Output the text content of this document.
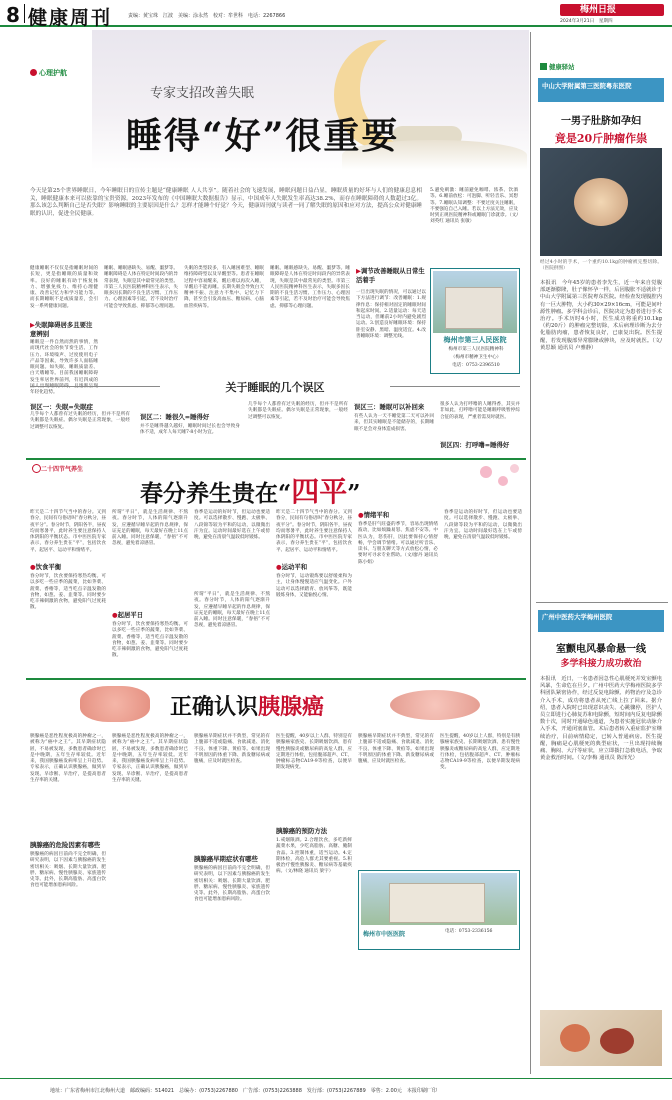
8 健康周刊	责编：黄宝珠　江波　美编：涂永然　校对：牟世科　电话：2267866
梅州日报
2024年3月21日　星期四
心理护航
专家支招改善失眠
睡得“好”很重要
今天是第25个世界睡眠日，今年睡眠日的宣传主题是“健康睡眠 人人共享”。随着社会的飞速发展，睡眠问题日益凸显，睡眠质量的好坏与人们的健康息息相关，睡眠健康本来可以依靠的宝贵资源。2023年发布的《中国睡眠大数据报告》显示，中国成年人失眠发生率高达38.2%，而存在睡眠障碍的人数超过3亿。那么该怎么判断自己是否失眠？影响睡眠的主要原因是什么？怎样才能睡个好觉？今天，健康周刊就与读者一同了解失眠的原因和应对方法，提高公众对健康睡眠的认识，促进全民健康。
健康睡眠不仅仅是指睡眠时间的长短，更是指睡眠的质量和效率。良好的睡眠有助于恢复体力、增强免疫力、维持心理健康、改善记忆力和学习能力等。而长期睡眠不足或质量差，会引发一系列健康问题。
▶失眠障碍居多且要注意辨别
睡眠是一件自然而然的事情，然而现代社会的快节奏生活、工作压力、环境噪声、过度使用电子产品等因素，导致许多人面临睡眠问题。如失眠、睡眠质量差、白天嗜睡等。目前我国睡眠障碍发生率居世界前列，有近四成的国人出现睡眠障碍，且逐渐呈现年轻化趋势。
睡眠、睡眠感缺失、易醒、噩梦等。睡眠障碍是人体在特定时间段内的异常表现，失眠是其中最常见的类型。市第三人民医院精神科医生表示，失眠多因长期的不良生活习惯、工作压力、心理因素等引起，若不及时治疗可能会导致焦虑、抑郁等心理问题。
失眠的类型较多，有入睡困难型、睡眠维持障碍型以及早醒型等。患者在睡眠过程中容易醒来，醒后难以再次入睡，早醒后不能再睡。长期失眠会导致白天精神不振、注意力不集中、记忆力下降，甚至会引发高血压、糖尿病、心脑血管疾病等。
睡眠、睡眠感缺失、易醒、噩梦等。睡眠障碍是人体在特定时间段内的异常表现，失眠是其中最常见的类型。市第三人民医院精神科医生表示，失眠多因长期的不良生活习惯、工作压力、心理因素等引起，若不及时治疗可能会导致焦虑、抑郁等心理问题。
▶调节改善睡眠从日常生活着手
一旦出现失眠的情况，可以通过以下方法进行调节：改善睡眠：1.规律作息：保持相对固定的睡眠时间和起床时间。2.适量运动：每天适当运动，但睡前2小时内避免剧烈运动。3.创造良好睡眠环境：保持卧室安静、黑暗、温度适宜。4.改善睡眠环境：调整光线。
5.避免刺激：睡前避免咖啡、浓茶、饮酒等。6.睡前放松：可泡脚、听轻音乐、冥想等。7.睡眠认知调整：不要过度关注睡眠，不要强迫自己入睡。若以上方法无效，应及时到正规医院精神科或睡眠门诊就诊。（文/刘英红 通讯员 张敏）
梅州市第三人民医院
梅州市第三人民医院精神科
（梅州市精神卫生中心）
电话：0753-2396510
关于睡眠的几个误区
误区一：失眠=失眠症
几乎每个人都曾有过失眠的经历，但并不是所有失眠都是失眠症。偶尔失眠是正常现象，一般经过调整可以恢复。
误区二：睡很久=睡得好
并不是睡得越久越好，睡眠时间过长也会导致身体不适，成年人每天睡7-8小时为宜。
几乎每个人都曾有过失眠的经历，但并不是所有失眠都是失眠症。偶尔失眠是正常现象，一般经过调整可以恢复。
误区三：睡眠可以补回来
有些人认为一天不睡觉第二天可以补回来，但其实睡眠是不能储存的，长期睡眠不足会对身体造成损害。
很多人认为打呼噜的人睡得香，其实并非如此，打呼噜可能是睡眠呼吸暂停综合征的表现，严重者需及时就医。
误区四：打呼噜=睡得好
二十四节气养生
春分养生贵在“四平”
昨天是二十四节气当中的春分。又到春分，民间有句俗语叫“春分秋分，昼夜平分”。春分时节，阴阳各半，昼夜均而寒暑平，此时养生要注意保持人体阴阳的平衡状态。市中医医院专家表示，春分养生贵在“平”，包括饮食平、起居平、运动平和情绪平。
●饮食平衡
春分时节，饮食要保持寒热均衡。可以多吃一些应季的蔬菜，比如荠菜、菠菜、香椿等，适当吃点辛温发散的食物，如葱、姜、韭菜等。同时要少吃辛辣刺激的食物，避免阳气过度耗散。
所谓“平日”，就是生活规律、不熬夜。春分时节，人体的阳气逐渐升发，应遵循早睡早起的作息规律，保证充足的睡眠，每天最好在晚上11点前入睡。同时注意保暖，“春捂”不可忽视，避免着凉感冒。
●起居平日
春分时节，饮食要保持寒热均衡。可以多吃一些应季的蔬菜，比如荠菜、菠菜、香椿等，适当吃点辛温发散的食物，如葱、姜、韭菜等。同时要少吃辛辣刺激的食物，避免阳气过度耗散。
春季是运动的好时节，但运动也要适度。可以选择散步、慢跑、太极拳、八段锦等较为平和的运动，以微微出汗为宜。运动时间最好选在上午或傍晚，避免在清晨气温较低时锻炼。
所谓“平日”，就是生活规律、不熬夜。春分时节，人体的阳气逐渐升发，应遵循早睡早起的作息规律，保证充足的睡眠，每天最好在晚上11点前入睡。同时注意保暖，“春捂”不可忽视，避免着凉感冒。
昨天是二十四节气当中的春分。又到春分，民间有句俗语叫“春分秋分，昼夜平分”。春分时节，阴阳各半，昼夜均而寒暑平，此时养生要注意保持人体阴阳的平衡状态。市中医医院专家表示，春分养生贵在“平”，包括饮食平、起居平、运动平和情绪平。
●运动平和
春分时节，运动锻炼要以舒缓柔和为主，让身体慢慢适应气温变化。户外运动可以选择踏青、放风筝等，既能锻炼身体，又能愉悦心情。
●情绪平和
春季是肝气旺盛的季节，容易出现情绪波动，比如烦躁易怒、焦虑不安等。中医认为，怒伤肝，因此要保持心情舒畅，学会调节情绪。可以通过听音乐、读书、与朋友聊天等方式放松心情，必要时可寻求专业帮助。（文/廖丹 通讯员 陈小娟）
春季是运动的好时节，但运动也要适度。可以选择散步、慢跑、太极拳、八段锦等较为平和的运动，以微微出汗为宜。运动时间最好选在上午或傍晚，避免在清晨气温较低时锻炼。
正确认识胰腺癌
胰腺癌是恶性程度极高的肿瘤之一，被称为“癌中之王”。其早期症状隐匿，不易被发现，多数患者确诊时已是中晚期，五年生存率较低。近年来，我国胰腺癌发病率呈上升趋势。专家表示，正确认识胰腺癌，做到早发现、早诊断、早治疗，是提高患者生存率的关键。
胰腺癌的危险因素有哪些
胰腺癌的病因目前尚不完全明确，但研究表明，以下因素与胰腺癌的发生密切相关：吸烟、长期大量饮酒、肥胖、糖尿病、慢性胰腺炎、家族遗传史等。此外，长期高脂肪、高蛋白饮食也可能增加患病风险。
胰腺癌是恶性程度极高的肿瘤之一，被称为“癌中之王”。其早期症状隐匿，不易被发现，多数患者确诊时已是中晚期，五年生存率较低。近年来，我国胰腺癌发病率呈上升趋势。专家表示，正确认识胰腺癌，做到早发现、早诊断、早治疗，是提高患者生存率的关键。
胰腺癌早期症状并不典型，常见的有上腹部不适或隐痛、食欲减退、消化不良、体重下降、黄疸等。如果出现不明原因的体重下降、新发糖尿病或腹痛，应及时就医检查。
胰腺癌早期症状有哪些
胰腺癌的病因目前尚不完全明确，但研究表明，以下因素与胰腺癌的发生密切相关：吸烟、长期大量饮酒、肥胖、糖尿病、慢性胰腺炎、家族遗传史等。此外，长期高脂肪、高蛋白饮食也可能增加患病风险。
医生提醒，40岁以上人群，特别是有胰腺癌家族史、长期吸烟饮酒、患有慢性胰腺炎或糖尿病的高危人群，应定期进行体检，包括腹部超声、CT、肿瘤标志物CA19-9等检查，以便早期发现病变。
胰腺癌的预防方法
1.戒烟限酒。2.合理饮食，多吃新鲜蔬菜水果，少吃高脂肪、高糖、腌制食品。3.控制体重，适当运动。4.定期体检，高危人群尤其要重视。5.积极治疗慢性胰腺炎、糖尿病等基础疾病。（文/林晓 通讯员 梁宇）
胰腺癌早期症状并不典型，常见的有上腹部不适或隐痛、食欲减退、消化不良、体重下降、黄疸等。如果出现不明原因的体重下降、新发糖尿病或腹痛，应及时就医检查。
医生提醒，40岁以上人群，特别是有胰腺癌家族史、长期吸烟饮酒、患有慢性胰腺炎或糖尿病的高危人群，应定期进行体检，包括腹部超声、CT、肿瘤标志物CA19-9等检查，以便早期发现病变。
梅州市中医医院	电话：0753-2336156
健康驿站
中山大学附属第三医院粤东医院
一男子肚脐如孕妇
竟是20斤肿瘤作祟
经过4小时的手术，一个重约10.1kg的肿瘤被完整切除。（医院供图）
本报讯　今年45岁的患者李先生，近一年来自觉腹部逐渐膨隆，肚子像怀孕一样，后因腹胀不适就诊于中山大学附属第三医院粤东医院。经检查发现腹腔内有一巨大肿物，大小约30×29×16cm，可能是间叶源性肿瘤。多学科会诊后，医院决定为患者进行手术治疗。手术历时4小时，医生成功将重约10.1kg（约20斤）的肿瘤完整切除，术后病理诊断为去分化脂肪肉瘤，患者恢复良好，已康复出院。医生提醒，若发现腹部异常膨隆或肿块，应及时就医。（文/黄思颖 通讯员 卢雅静）
广州中医药大学梅州医院
室颤电风暴命悬一线
多学科接力成功救治
本报讯　近日，一名患者因急性心肌梗死并发室颤电风暴，生命危在旦夕。广州中医药大学梅州医院多学科团队紧密协作，经过反复电除颤、药物治疗及急诊介入手术，成功将患者从死亡线上拉了回来。据介绍，患者入院时已出现意识丧失、心跳骤停，医护人员立即进行心肺复苏和电除颤，短时间内反复电除颤数十次，同时开通绿色通道，为患者实施冠状动脉介入手术，开通闭塞血管。术后患者转入重症监护室继续治疗，目前病情稳定，已转入普通病房。医生提醒，胸痛是心肌梗死的典型症状，一旦出现持续胸痛、胸闷、大汗等症状，应立即拨打急救电话，争取黄金救治时间。（文/李梅 通讯员 陈泽光）
地址：广东省梅州市江北梅州大道　邮政编码：514021　总编办：(0753)2267880　广告部：(0753)2263888　发行部：(0753)2267889　零售：2.00元　本报印刷厂印
